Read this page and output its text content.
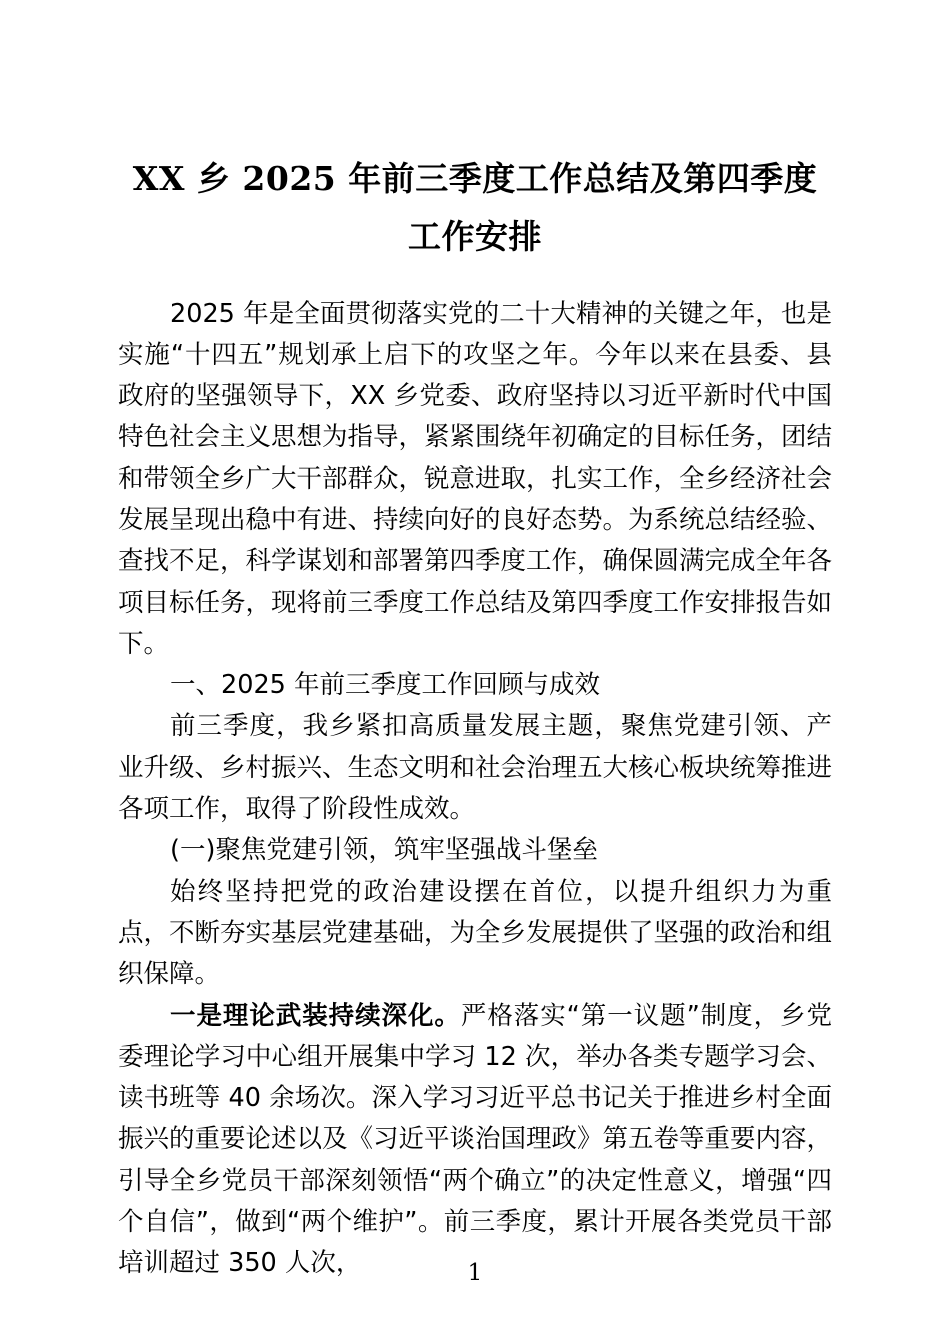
XX 乡 2025 年前三季度工作总结及第四季度工作安排

2025 年是全面贯彻落实党的二十大精神的关键之年，也是实施“十四五”规划承上启下的攻坚之年。今年以来在县委、县政府的坚强领导下，XX 乡党委、政府坚持以习近平新时代中国特色社会主义思想为指导，紧紧围绕年初确定的目标任务，团结和带领全乡广大干部群众，锐意进取，扎实工作，全乡经济社会发展呈现出稳中有进、持续向好的良好态势。为系统总结经验、查找不足，科学谋划和部署第四季度工作，确保圆满完成全年各项目标任务，现将前三季度工作总结及第四季度工作安排报告如下。

一、2025 年前三季度工作回顾与成效

前三季度，我乡紧扣高质量发展主题，聚焦党建引领、产业升级、乡村振兴、生态文明和社会治理五大核心板块统筹推进各项工作，取得了阶段性成效。

(一)聚焦党建引领，筑牢坚强战斗堡垒

始终坚持把党的政治建设摆在首位，以提升组织力为重点，不断夯实基层党建基础，为全乡发展提供了坚强的政治和组织保障。

一是理论武装持续深化。严格落实“第一议题”制度，乡党委理论学习中心组开展集中学习 12 次，举办各类专题学习会、读书班等 40 余场次。深入学习习近平总书记关于推进乡村全面振兴的重要论述以及《习近平谈治国理政》第五卷等重要内容，引导全乡党员干部深刻领悟“两个确立”的决定性意义，增强“四个自信”，做到“两个维护”。前三季度，累计开展各类党员干部培训超过 350 人次，	1
